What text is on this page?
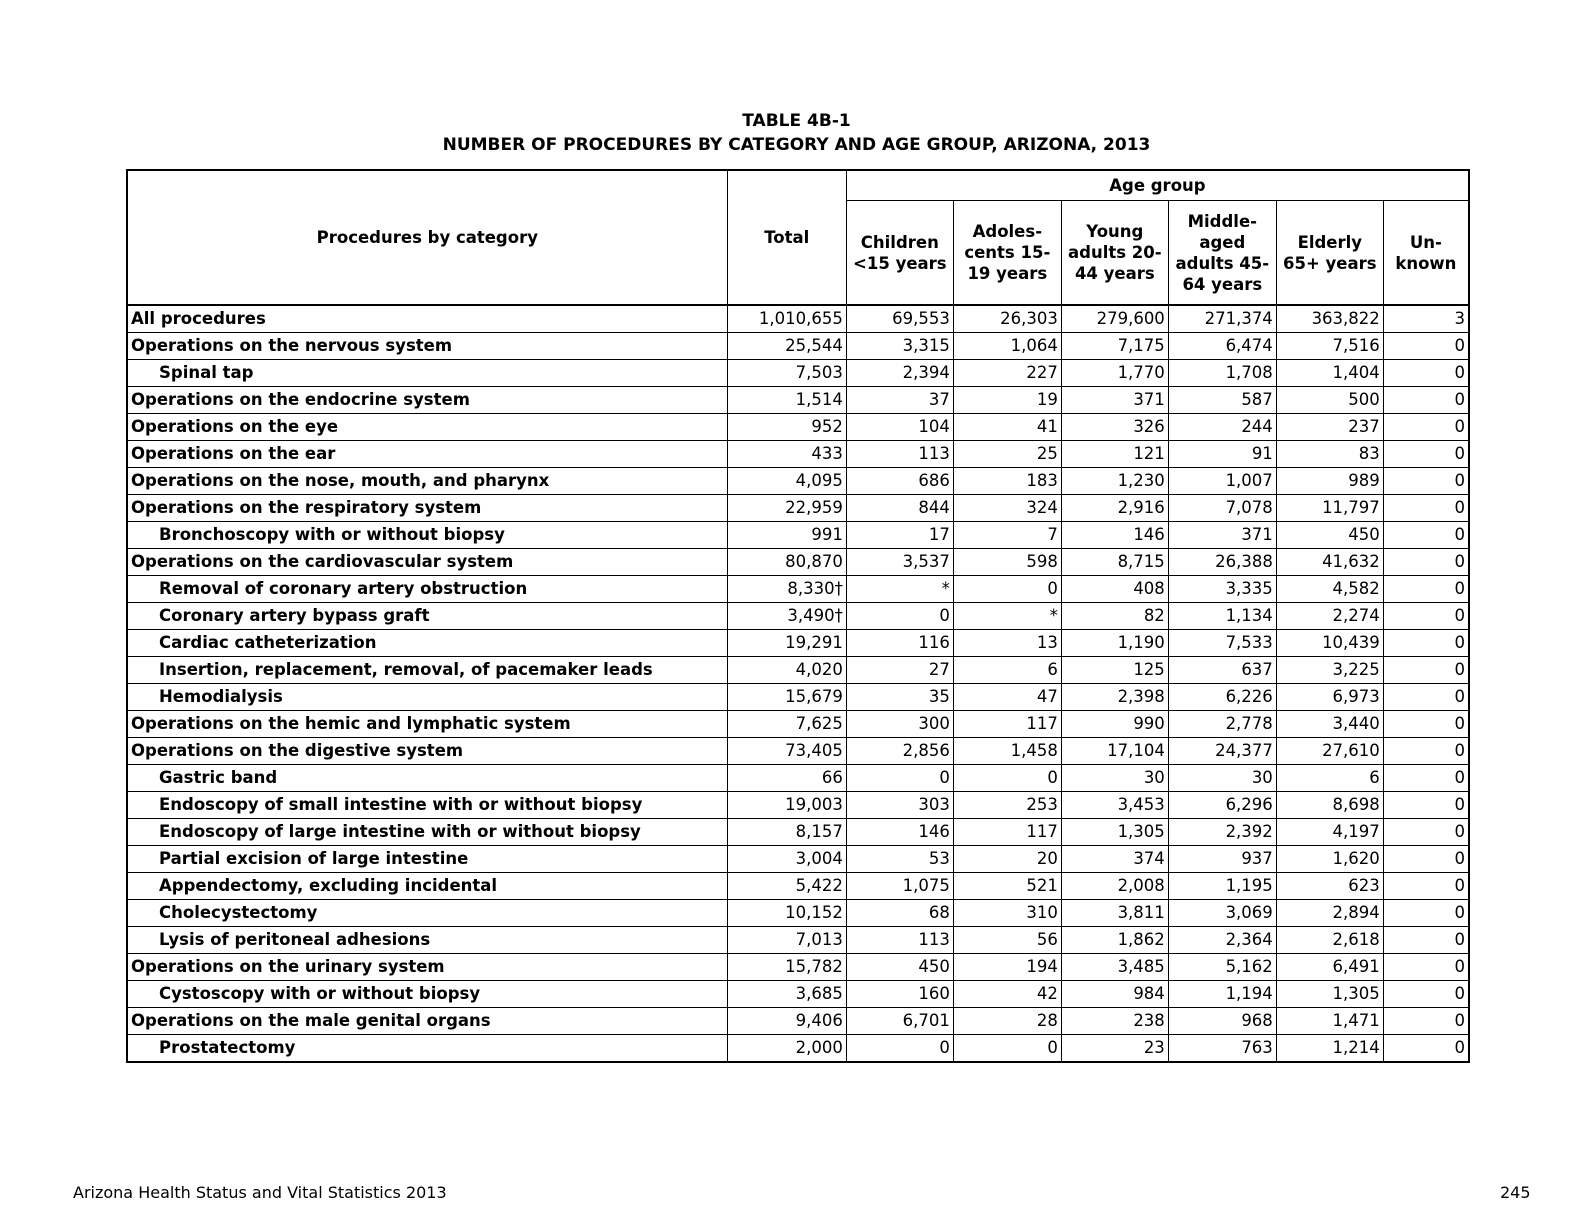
TABLE 4B-1
NUMBER OF PROCEDURES BY CATEGORY AND AGE GROUP, ARIZONA, 2013
Procedures by category	Total	Age group					
		Children <15 years	Adoles- cents 15-19 years	Young adults 20-44 years	Middle- aged adults 45-64 years	Elderly 65+ years	Un- known
All procedures	1,010,655	69,553	26,303	279,600	271,374	363,822	3
Operations on the nervous system	25,544	3,315	1,064	7,175	6,474	7,516	0
Spinal tap	7,503	2,394	227	1,770	1,708	1,404	0
Operations on the endocrine system	1,514	37	19	371	587	500	0
Operations on the eye	952	104	41	326	244	237	0
Operations on the ear	433	113	25	121	91	83	0
Operations on the nose, mouth, and pharynx	4,095	686	183	1,230	1,007	989	0
Operations on the respiratory system	22,959	844	324	2,916	7,078	11,797	0
Bronchoscopy with or without biopsy	991	17	7	146	371	450	0
Operations on the cardiovascular system	80,870	3,537	598	8,715	26,388	41,632	0
Removal of coronary artery obstruction	8,330†	*	0	408	3,335	4,582	0
Coronary artery bypass graft	3,490†	0	*	82	1,134	2,274	0
Cardiac catheterization	19,291	116	13	1,190	7,533	10,439	0
Insertion, replacement, removal, of pacemaker leads	4,020	27	6	125	637	3,225	0
Hemodialysis	15,679	35	47	2,398	6,226	6,973	0
Operations on the hemic and lymphatic system	7,625	300	117	990	2,778	3,440	0
Operations on the digestive system	73,405	2,856	1,458	17,104	24,377	27,610	0
Gastric band	66	0	0	30	30	6	0
Endoscopy of small intestine with or without biopsy	19,003	303	253	3,453	6,296	8,698	0
Endoscopy of large intestine with or without biopsy	8,157	146	117	1,305	2,392	4,197	0
Partial excision of large intestine	3,004	53	20	374	937	1,620	0
Appendectomy, excluding incidental	5,422	1,075	521	2,008	1,195	623	0
Cholecystectomy	10,152	68	310	3,811	3,069	2,894	0
Lysis of peritoneal adhesions	7,013	113	56	1,862	2,364	2,618	0
Operations on the urinary system	15,782	450	194	3,485	5,162	6,491	0
Cystoscopy with or without biopsy	3,685	160	42	984	1,194	1,305	0
Operations on the male genital organs	9,406	6,701	28	238	968	1,471	0
Prostatectomy	2,000	0	0	23	763	1,214	0
Arizona Health Status and Vital Statistics 2013	245
